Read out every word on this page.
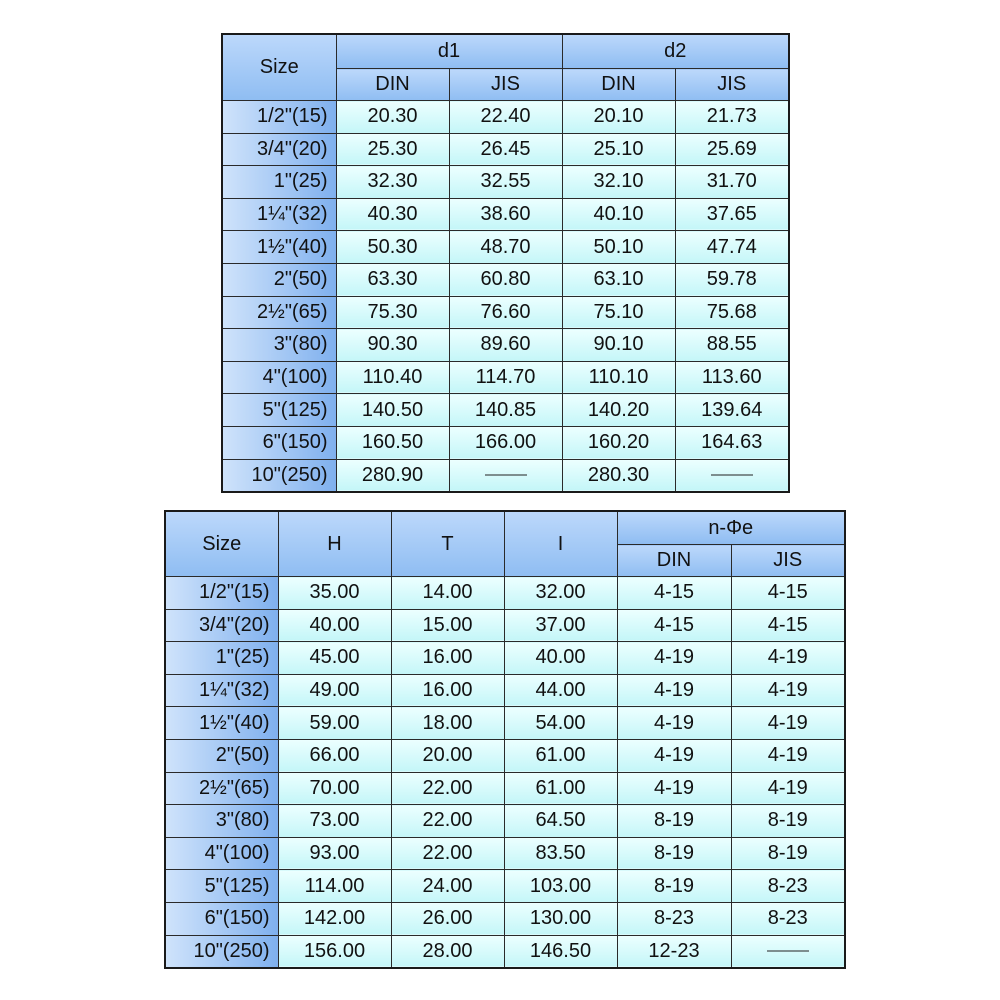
Size	d1		d2	
	DIN	JIS	DIN	JIS
1/2"(15)	20.30	22.40	20.10	21.73
3/4"(20)	25.30	26.45	25.10	25.69
1"(25)	32.30	32.55	32.10	31.70
1¼"(32)	40.30	38.60	40.10	37.65
1½"(40)	50.30	48.70	50.10	47.74
2"(50)	63.30	60.80	63.10	59.78
2½"(65)	75.30	76.60	75.10	75.68
3"(80)	90.30	89.60	90.10	88.55
4"(100)	110.40	114.70	110.10	113.60
5"(125)	140.50	140.85	140.20	139.64
6"(150)	160.50	166.00	160.20	164.63
10"(250)	280.90		280.30	
Size	H	T	I	n-Φe	
				DIN	JIS
1/2"(15)	35.00	14.00	32.00	4-15	4-15
3/4"(20)	40.00	15.00	37.00	4-15	4-15
1"(25)	45.00	16.00	40.00	4-19	4-19
1¼"(32)	49.00	16.00	44.00	4-19	4-19
1½"(40)	59.00	18.00	54.00	4-19	4-19
2"(50)	66.00	20.00	61.00	4-19	4-19
2½"(65)	70.00	22.00	61.00	4-19	4-19
3"(80)	73.00	22.00	64.50	8-19	8-19
4"(100)	93.00	22.00	83.50	8-19	8-19
5"(125)	114.00	24.00	103.00	8-19	8-23
6"(150)	142.00	26.00	130.00	8-23	8-23
10"(250)	156.00	28.00	146.50	12-23	
